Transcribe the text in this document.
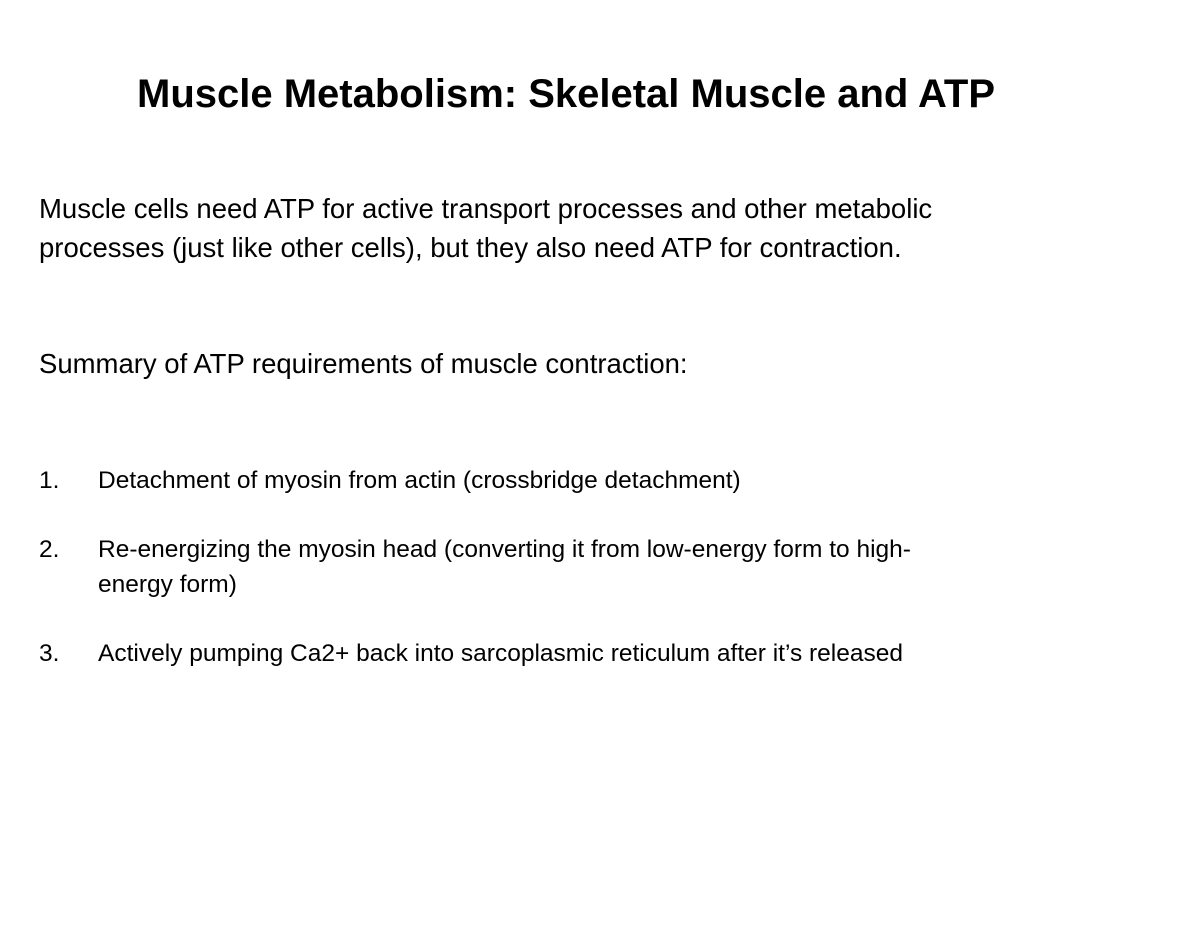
Muscle Metabolism: Skeletal Muscle and ATP

Muscle cells need ATP for active transport processes and other metabolic processes (just like other cells), but they also need ATP for contraction.

Summary of ATP requirements of muscle contraction:

1.	Detachment of myosin from actin (crossbridge detachment)
2.	Re-energizing the myosin head (converting it from low-energy form to high-energy form)
3.	Actively pumping Ca2+ back into sarcoplasmic reticulum after it’s released
